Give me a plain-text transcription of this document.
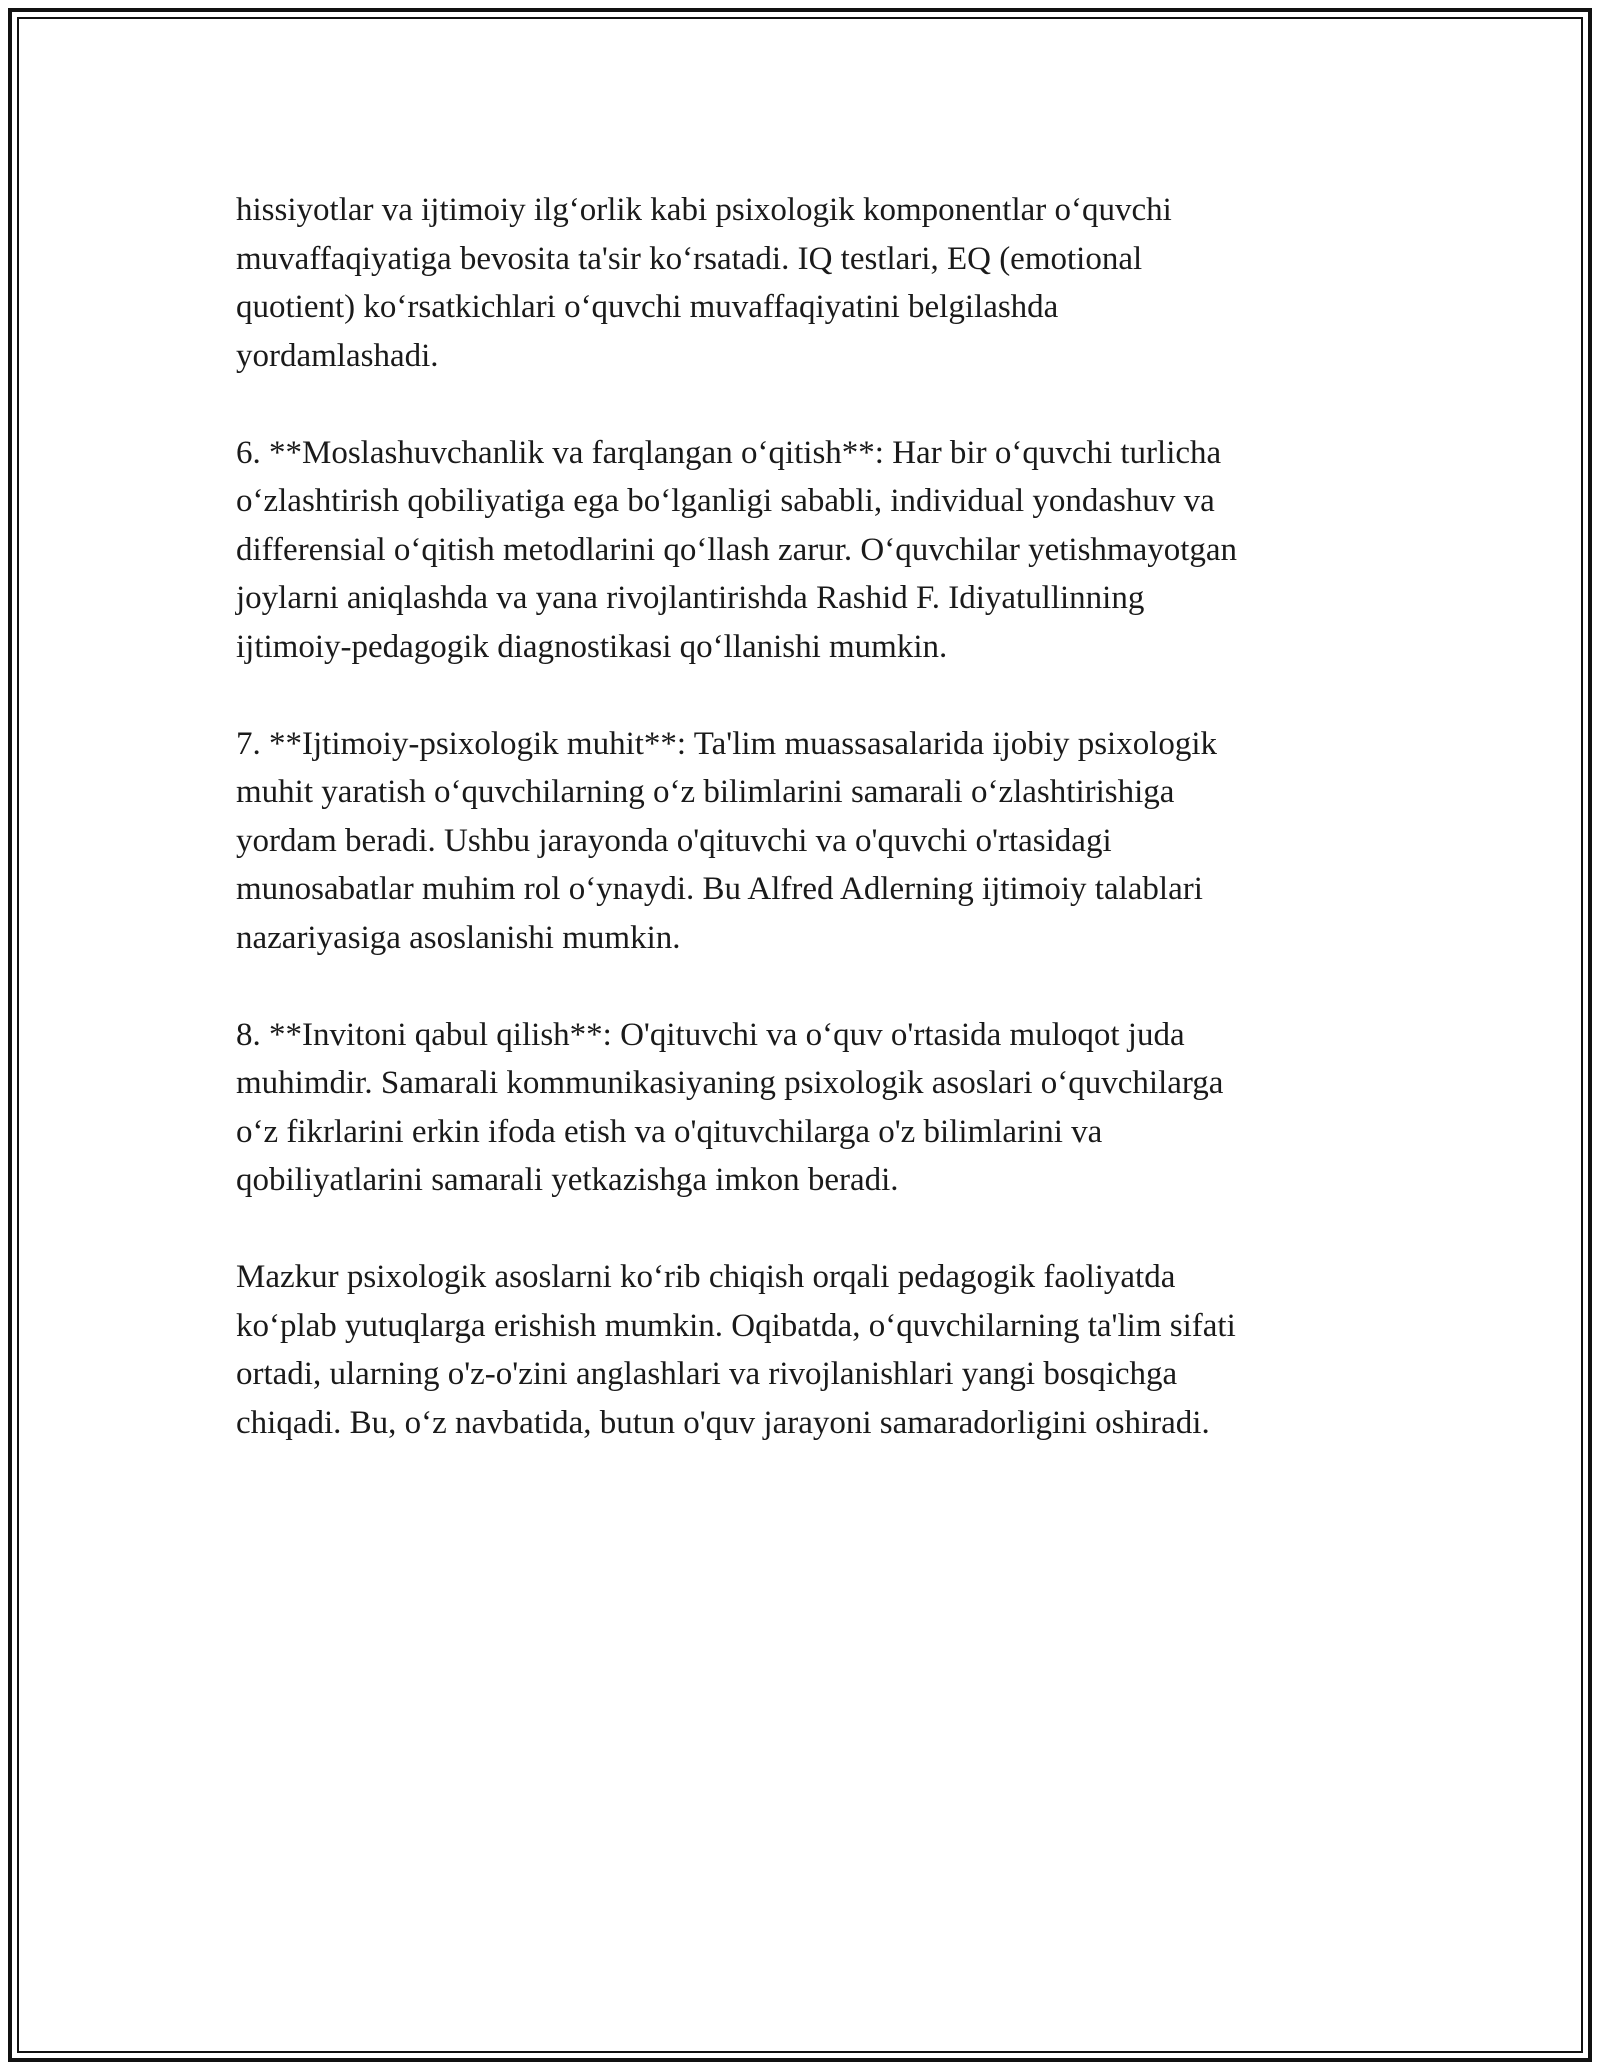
hissiyotlar va ijtimoiy ilg‘orlik kabi psixologik komponentlar o‘quvchi
muvaffaqiyatiga bevosita ta'sir ko‘rsatadi. IQ testlari, EQ (emotional
quotient) ko‘rsatkichlari o‘quvchi muvaffaqiyatini belgilashda
yordamlashadi.

6. **Moslashuvchanlik va farqlangan o‘qitish**: Har bir o‘quvchi turlicha
o‘zlashtirish qobiliyatiga ega bo‘lganligi sababli, individual yondashuv va
differensial o‘qitish metodlarini qo‘llash zarur. O‘quvchilar yetishmayotgan
joylarni aniqlashda va yana rivojlantirishda Rashid F. Idiyatullinning
ijtimoiy-pedagogik diagnostikasi qo‘llanishi mumkin.

7. **Ijtimoiy-psixologik muhit**: Ta'lim muassasalarida ijobiy psixologik
muhit yaratish o‘quvchilarning o‘z bilimlarini samarali o‘zlashtirishiga
yordam beradi. Ushbu jarayonda o'qituvchi va o'quvchi o'rtasidagi
munosabatlar muhim rol o‘ynaydi. Bu Alfred Adlerning ijtimoiy talablari
nazariyasiga asoslanishi mumkin.

8. **Invitoni qabul qilish**: O'qituvchi va o‘quv o'rtasida muloqot juda
muhimdir. Samarali kommunikasiyaning psixologik asoslari o‘quvchilarga
o‘z fikrlarini erkin ifoda etish va o'qituvchilarga o'z bilimlarini va
qobiliyatlarini samarali yetkazishga imkon beradi.

Mazkur psixologik asoslarni ko‘rib chiqish orqali pedagogik faoliyatda
ko‘plab yutuqlarga erishish mumkin. Oqibatda, o‘quvchilarning ta'lim sifati
ortadi, ularning o'z-o'zini anglashlari va rivojlanishlari yangi bosqichga
chiqadi. Bu, o‘z navbatida, butun o'quv jarayoni samaradorligini oshiradi.
